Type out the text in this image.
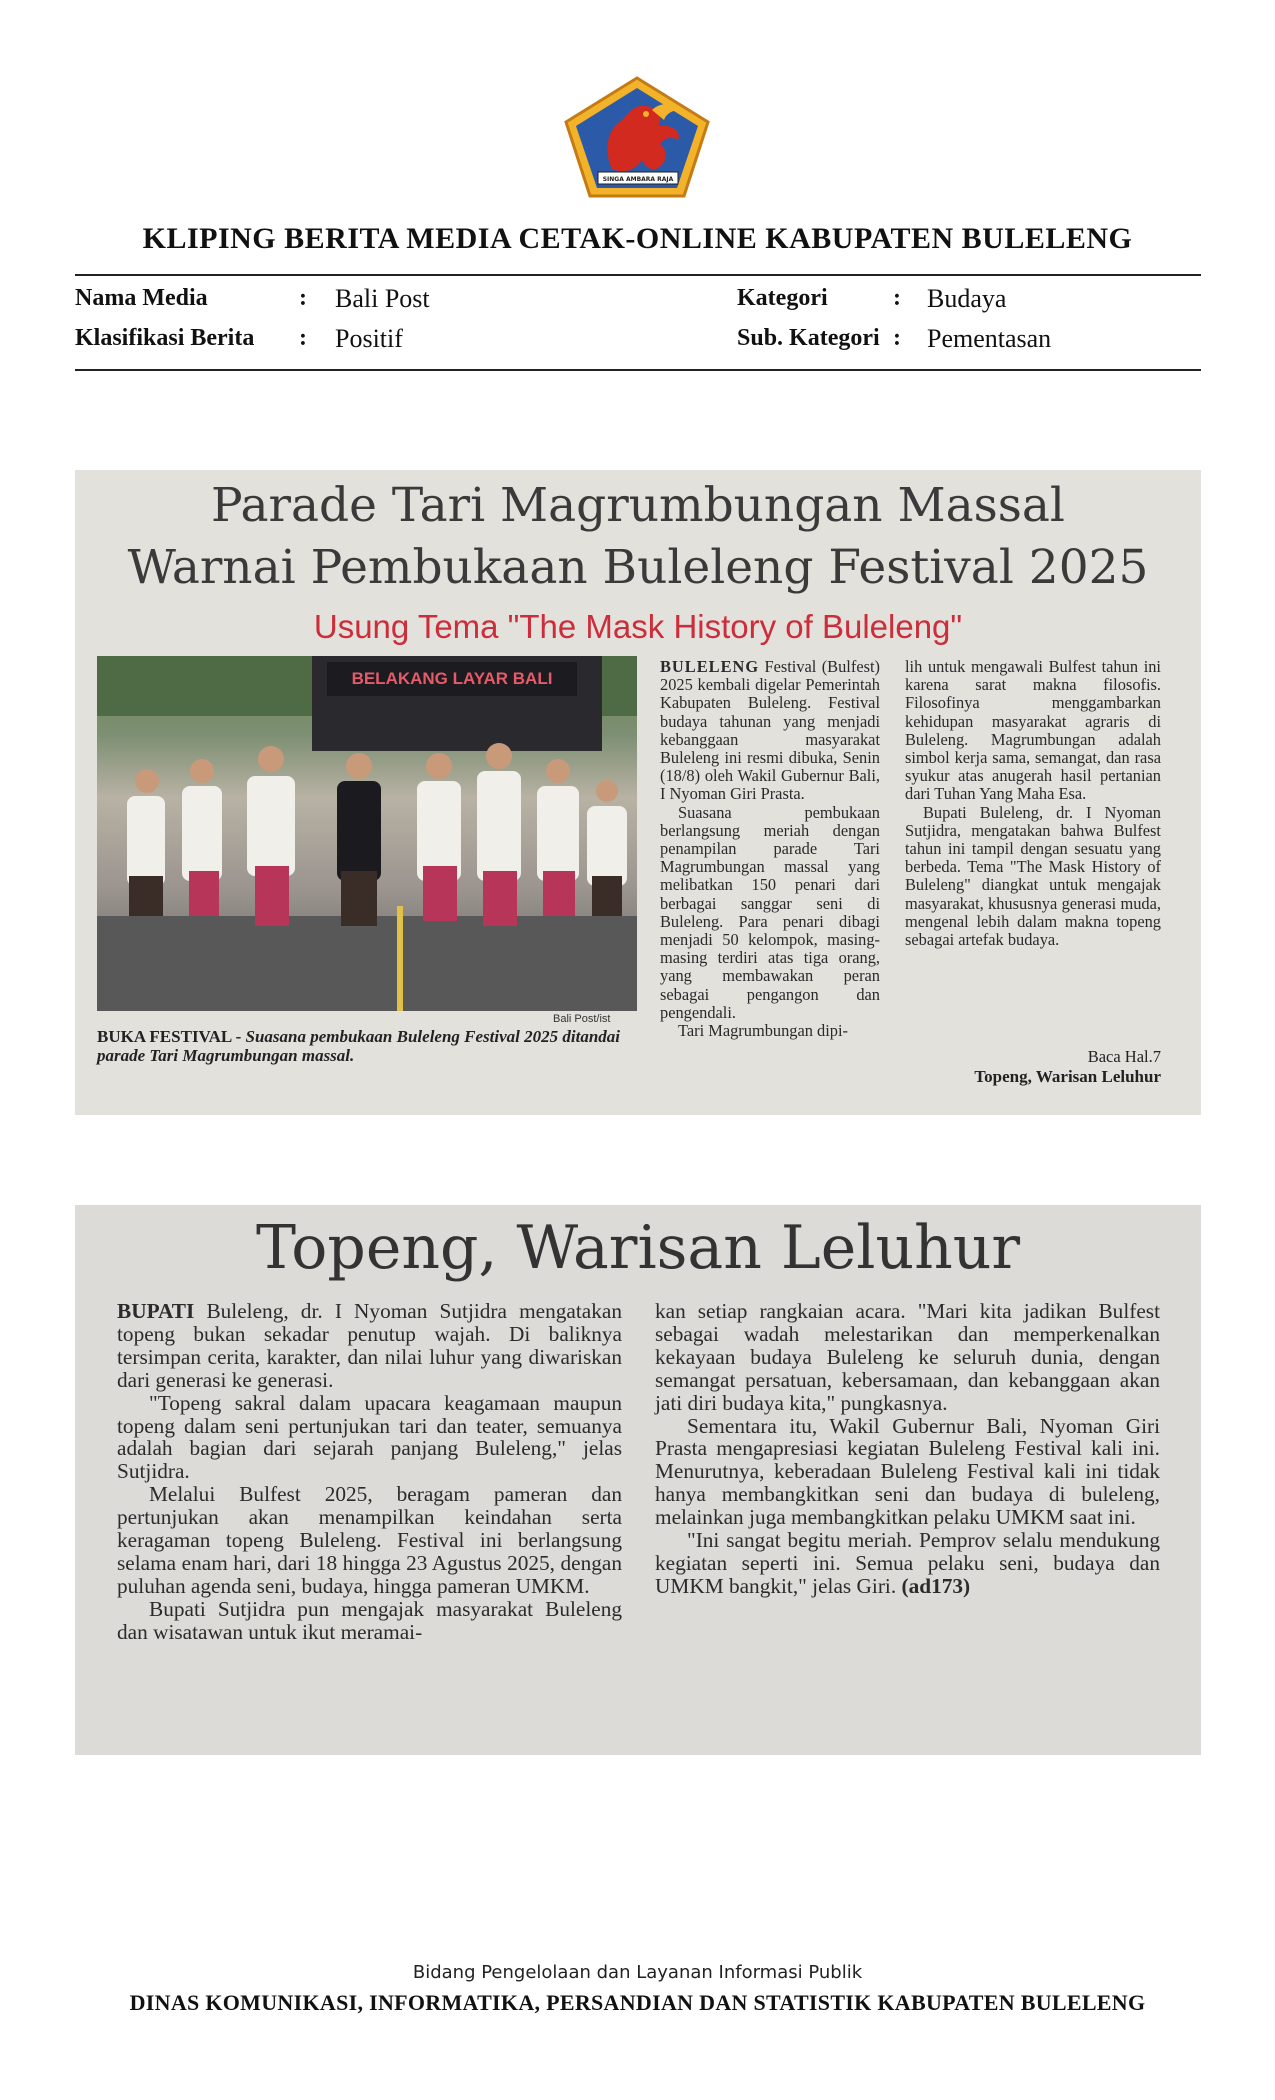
SINGA AMBARA RAJA
KLIPING BERITA MEDIA CETAK-ONLINE KABUPATEN BULELENG
Nama Media	: Bali Post
Klasifikasi Berita : Positif
Kategori	: Budaya
Sub. Kategori : Pementasan
Parade Tari Magrumbungan Massal
Warnai Pembukaan Buleleng Festival 2025
Usung Tema "The Mask History of Buleleng"
BELAKANG LAYAR BALI
Bali Post/ist
BUKA FESTIVAL - Suasana pembukaan Buleleng Festival 2025 ditandai parade Tari Magrumbungan massal.

BULELENG Festival (Bulfest) 2025 kembali digelar Pemerintah Kabupaten Buleleng. Festival budaya tahunan yang menjadi kebanggaan masyarakat Buleleng ini resmi dibuka, Senin (18/8) oleh Wakil Gubernur Bali, I Nyoman Giri Prasta.

Suasana pembukaan berlangsung meriah dengan penampilan parade Tari Magrumbungan massal yang melibatkan 150 penari dari berbagai sanggar seni di Buleleng. Para penari dibagi menjadi 50 kelompok, masing-masing terdiri atas tiga orang, yang membawakan peran sebagai pengangon dan pengendali.

Tari Magrumbungan dipi-

lih untuk mengawali Bulfest tahun ini karena sarat makna filosofis. Filosofinya menggambarkan kehidupan masyarakat agraris di Buleleng. Magrumbungan adalah simbol kerja sama, semangat, dan rasa syukur atas anugerah hasil pertanian dari Tuhan Yang Maha Esa.

Bupati Buleleng, dr. I Nyoman Sutjidra, mengatakan bahwa Bulfest tahun ini tampil dengan sesuatu yang berbeda. Tema "The Mask History of Buleleng" diangkat untuk mengajak masyarakat, khususnya generasi muda, mengenal lebih dalam makna topeng sebagai artefak budaya.

Baca Hal.7
Topeng, Warisan Leluhur
Topeng, Warisan Leluhur

BUPATI Buleleng, dr. I Nyoman Sutjidra mengatakan topeng bukan sekadar penutup wajah. Di baliknya tersimpan cerita, karakter, dan nilai luhur yang diwariskan dari generasi ke generasi.

"Topeng sakral dalam upacara keagamaan maupun topeng dalam seni pertunjukan tari dan teater, semuanya adalah bagian dari sejarah panjang Buleleng," jelas Sutjidra.

Melalui Bulfest 2025, beragam pameran dan pertunjukan akan menampilkan keindahan serta keragaman topeng Buleleng. Festival ini berlangsung selama enam hari, dari 18 hingga 23 Agustus 2025, dengan puluhan agenda seni, budaya, hingga pameran UMKM.

Bupati Sutjidra pun mengajak masyarakat Buleleng dan wisatawan untuk ikut meramai-

kan setiap rangkaian acara. "Mari kita jadikan Bulfest sebagai wadah melestarikan dan memperkenalkan kekayaan budaya Buleleng ke seluruh dunia, dengan semangat persatuan, kebersamaan, dan kebanggaan akan jati diri budaya kita," pungkasnya.

Sementara itu, Wakil Gubernur Bali, Nyoman Giri Prasta mengapresiasi kegiatan Buleleng Festival kali ini. Menurutnya, keberadaan Buleleng Festival kali ini tidak hanya membangkitkan seni dan budaya di buleleng, melainkan juga membangkitkan pelaku UMKM saat ini.

"Ini sangat begitu meriah. Pemprov selalu mendukung kegiatan seperti ini. Semua pelaku seni, budaya dan UMKM bangkit," jelas Giri. (ad173)

Bidang Pengelolaan dan Layanan Informasi Publik
DINAS KOMUNIKASI, INFORMATIKA, PERSANDIAN DAN STATISTIK KABUPATEN BULELENG
